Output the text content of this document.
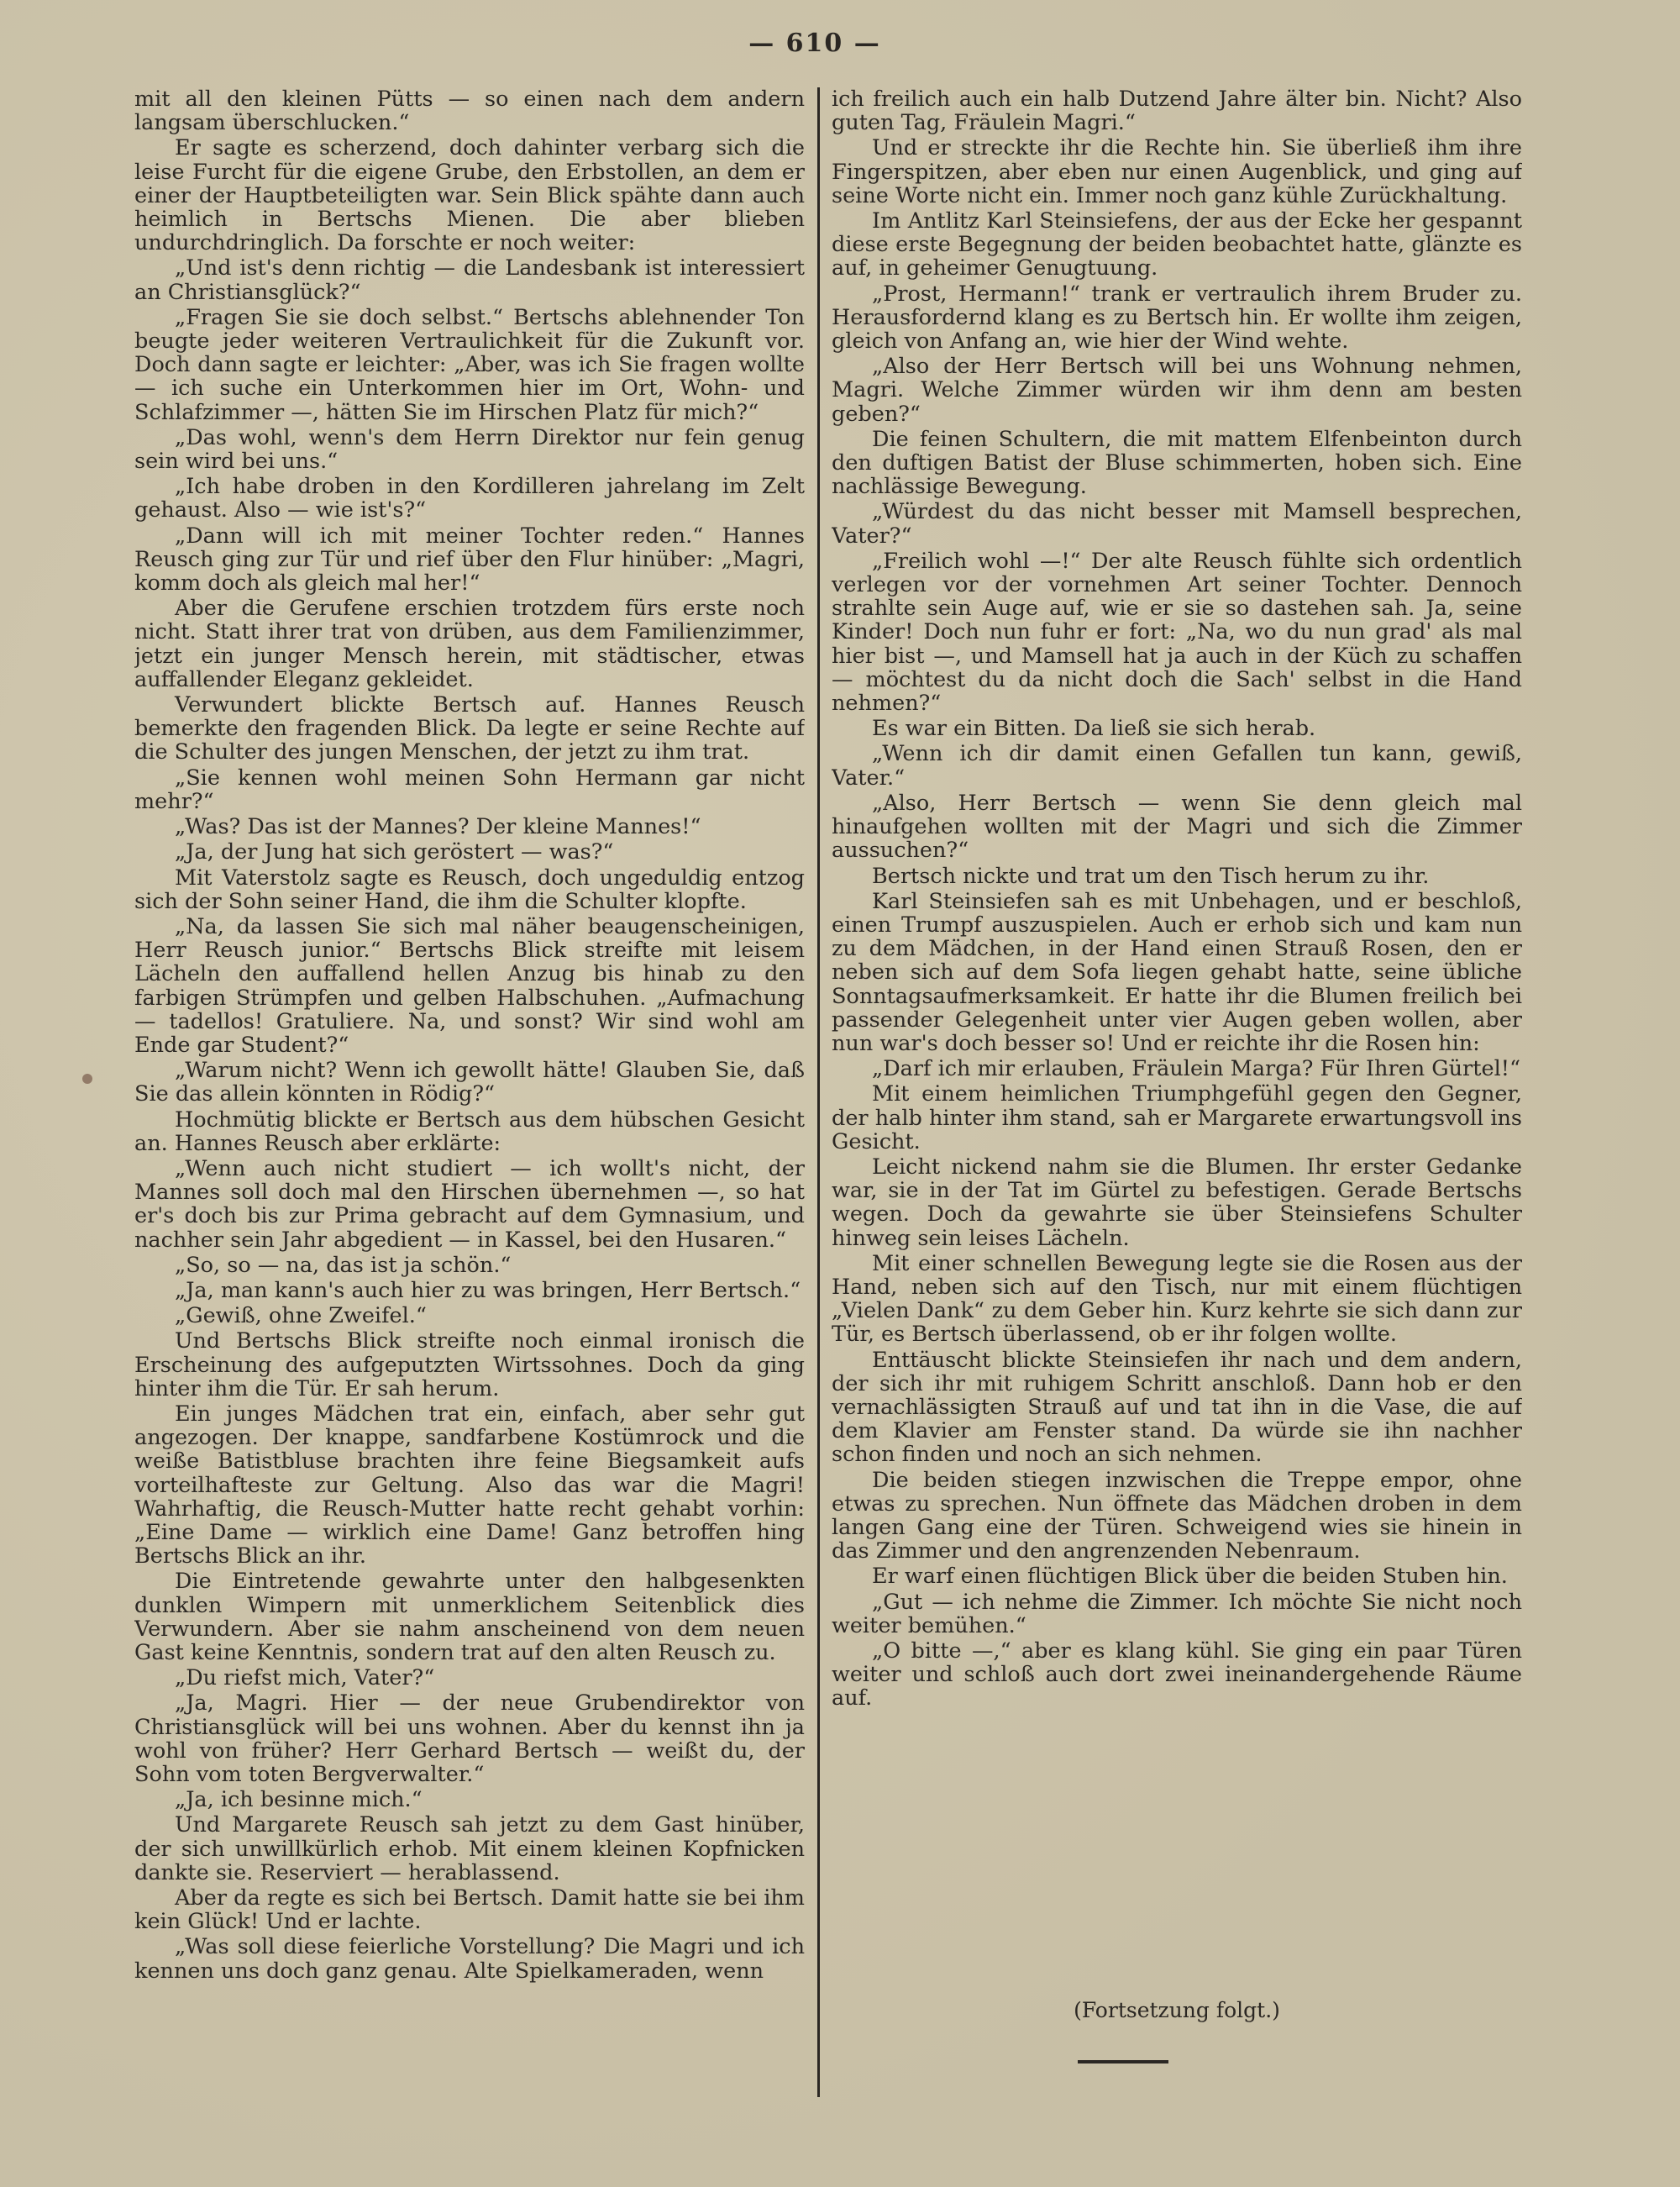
— 610 —

mit all den kleinen Pütts — so einen nach dem andern langsam überschlucken.“

Er sagte es scherzend, doch dahinter verbarg sich die leise Furcht für die eigene Grube, den Erbstollen, an dem er einer der Hauptbeteiligten war. Sein Blick spähte dann auch heimlich in Bertschs Mienen. Die aber blieben undurchdringlich. Da forschte er noch weiter:

„Und ist's denn richtig — die Landesbank ist interessiert an Christiansglück?“

„Fragen Sie sie doch selbst.“ Bertschs ablehnender Ton beugte jeder weiteren Vertraulichkeit für die Zukunft vor. Doch dann sagte er leichter: „Aber, was ich Sie fragen wollte — ich suche ein Unterkommen hier im Ort, Wohn- und Schlafzimmer —, hätten Sie im Hirschen Platz für mich?“

„Das wohl, wenn's dem Herrn Direktor nur fein genug sein wird bei uns.“

„Ich habe droben in den Kordilleren jahrelang im Zelt gehaust. Also — wie ist's?“

„Dann will ich mit meiner Tochter reden.“ Hannes Reusch ging zur Tür und rief über den Flur hinüber: „Magri, komm doch als gleich mal her!“

Aber die Gerufene erschien trotzdem fürs erste noch nicht. Statt ihrer trat von drüben, aus dem Familienzimmer, jetzt ein junger Mensch herein, mit städtischer, etwas auffallender Eleganz gekleidet.

Verwundert blickte Bertsch auf. Hannes Reusch bemerkte den fragenden Blick. Da legte er seine Rechte auf die Schulter des jungen Menschen, der jetzt zu ihm trat.

„Sie kennen wohl meinen Sohn Hermann gar nicht mehr?“

„Was? Das ist der Mannes? Der kleine Mannes!“

„Ja, der Jung hat sich geröstert — was?“

Mit Vaterstolz sagte es Reusch, doch ungeduldig entzog sich der Sohn seiner Hand, die ihm die Schulter klopfte.

„Na, da lassen Sie sich mal näher beaugenscheinigen, Herr Reusch junior.“ Bertschs Blick streifte mit leisem Lächeln den auffallend hellen Anzug bis hinab zu den farbigen Strümpfen und gelben Halbschuhen. „Aufmachung — tadellos! Gratuliere. Na, und sonst? Wir sind wohl am Ende gar Student?“

„Warum nicht? Wenn ich gewollt hätte! Glauben Sie, daß Sie das allein könnten in Rödig?“

Hochmütig blickte er Bertsch aus dem hübschen Gesicht an. Hannes Reusch aber erklärte:

„Wenn auch nicht studiert — ich wollt's nicht, der Mannes soll doch mal den Hirschen übernehmen —, so hat er's doch bis zur Prima gebracht auf dem Gymnasium, und nachher sein Jahr abgedient — in Kassel, bei den Husaren.“

„So, so — na, das ist ja schön.“

„Ja, man kann's auch hier zu was bringen, Herr Bertsch.“

„Gewiß, ohne Zweifel.“

Und Bertschs Blick streifte noch einmal ironisch die Erscheinung des aufgeputzten Wirtssohnes. Doch da ging hinter ihm die Tür. Er sah herum.

Ein junges Mädchen trat ein, einfach, aber sehr gut angezogen. Der knappe, sandfarbene Kostümrock und die weiße Batistbluse brachten ihre feine Biegsamkeit aufs vorteilhafteste zur Geltung. Also das war die Magri! Wahrhaftig, die Reusch-Mutter hatte recht gehabt vorhin: „Eine Dame — wirklich eine Dame! Ganz betroffen hing Bertschs Blick an ihr.

Die Eintretende gewahrte unter den halbgesenkten dunklen Wimpern mit unmerklichem Seitenblick dies Verwundern. Aber sie nahm anscheinend von dem neuen Gast keine Kenntnis, sondern trat auf den alten Reusch zu.

„Du riefst mich, Vater?“

„Ja, Magri. Hier — der neue Grubendirektor von Christiansglück will bei uns wohnen. Aber du kennst ihn ja wohl von früher? Herr Gerhard Bertsch — weißt du, der Sohn vom toten Bergverwalter.“

„Ja, ich besinne mich.“

Und Margarete Reusch sah jetzt zu dem Gast hinüber, der sich unwillkürlich erhob. Mit einem kleinen Kopfnicken dankte sie. Reserviert — herablassend.

Aber da regte es sich bei Bertsch. Damit hatte sie bei ihm kein Glück! Und er lachte.

„Was soll diese feierliche Vorstellung? Die Magri und ich kennen uns doch ganz genau. Alte Spielkameraden, wenn

ich freilich auch ein halb Dutzend Jahre älter bin. Nicht? Also guten Tag, Fräulein Magri.“

Und er streckte ihr die Rechte hin. Sie überließ ihm ihre Fingerspitzen, aber eben nur einen Augenblick, und ging auf seine Worte nicht ein. Immer noch ganz kühle Zurückhaltung.

Im Antlitz Karl Steinsiefens, der aus der Ecke her gespannt diese erste Begegnung der beiden beobachtet hatte, glänzte es auf, in geheimer Genugtuung.

„Prost, Hermann!“ trank er vertraulich ihrem Bruder zu. Herausfordernd klang es zu Bertsch hin. Er wollte ihm zeigen, gleich von Anfang an, wie hier der Wind wehte.

„Also der Herr Bertsch will bei uns Wohnung nehmen, Magri. Welche Zimmer würden wir ihm denn am besten geben?“

Die feinen Schultern, die mit mattem Elfenbeinton durch den duftigen Batist der Bluse schimmerten, hoben sich. Eine nachlässige Bewegung.

„Würdest du das nicht besser mit Mamsell besprechen, Vater?“

„Freilich wohl —!“ Der alte Reusch fühlte sich ordentlich verlegen vor der vornehmen Art seiner Tochter. Dennoch strahlte sein Auge auf, wie er sie so dastehen sah. Ja, seine Kinder! Doch nun fuhr er fort: „Na, wo du nun grad' als mal hier bist —, und Mamsell hat ja auch in der Küch zu schaffen — möchtest du da nicht doch die Sach' selbst in die Hand nehmen?“

Es war ein Bitten. Da ließ sie sich herab.

„Wenn ich dir damit einen Gefallen tun kann, gewiß, Vater.“

„Also, Herr Bertsch — wenn Sie denn gleich mal hinaufgehen wollten mit der Magri und sich die Zimmer aussuchen?“

Bertsch nickte und trat um den Tisch herum zu ihr.

Karl Steinsiefen sah es mit Unbehagen, und er beschloß, einen Trumpf auszuspielen. Auch er erhob sich und kam nun zu dem Mädchen, in der Hand einen Strauß Rosen, den er neben sich auf dem Sofa liegen gehabt hatte, seine übliche Sonntagsaufmerksamkeit. Er hatte ihr die Blumen freilich bei passender Gelegenheit unter vier Augen geben wollen, aber nun war's doch besser so! Und er reichte ihr die Rosen hin:

„Darf ich mir erlauben, Fräulein Marga? Für Ihren Gürtel!“

Mit einem heimlichen Triumphgefühl gegen den Gegner, der halb hinter ihm stand, sah er Margarete erwartungsvoll ins Gesicht.

Leicht nickend nahm sie die Blumen. Ihr erster Gedanke war, sie in der Tat im Gürtel zu befestigen. Gerade Bertschs wegen. Doch da gewahrte sie über Steinsiefens Schulter hinweg sein leises Lächeln.

Mit einer schnellen Bewegung legte sie die Rosen aus der Hand, neben sich auf den Tisch, nur mit einem flüchtigen „Vielen Dank“ zu dem Geber hin. Kurz kehrte sie sich dann zur Tür, es Bertsch überlassend, ob er ihr folgen wollte.

Enttäuscht blickte Steinsiefen ihr nach und dem andern, der sich ihr mit ruhigem Schritt anschloß. Dann hob er den vernachlässigten Strauß auf und tat ihn in die Vase, die auf dem Klavier am Fenster stand. Da würde sie ihn nachher schon finden und noch an sich nehmen.

Die beiden stiegen inzwischen die Treppe empor, ohne etwas zu sprechen. Nun öffnete das Mädchen droben in dem langen Gang eine der Türen. Schweigend wies sie hinein in das Zimmer und den angrenzenden Nebenraum.

Er warf einen flüchtigen Blick über die beiden Stuben hin.

„Gut — ich nehme die Zimmer. Ich möchte Sie nicht noch weiter bemühen.“

„O bitte —,“ aber es klang kühl. Sie ging ein paar Türen weiter und schloß auch dort zwei ineinandergehende Räume auf.

(Fortsetzung folgt.)
